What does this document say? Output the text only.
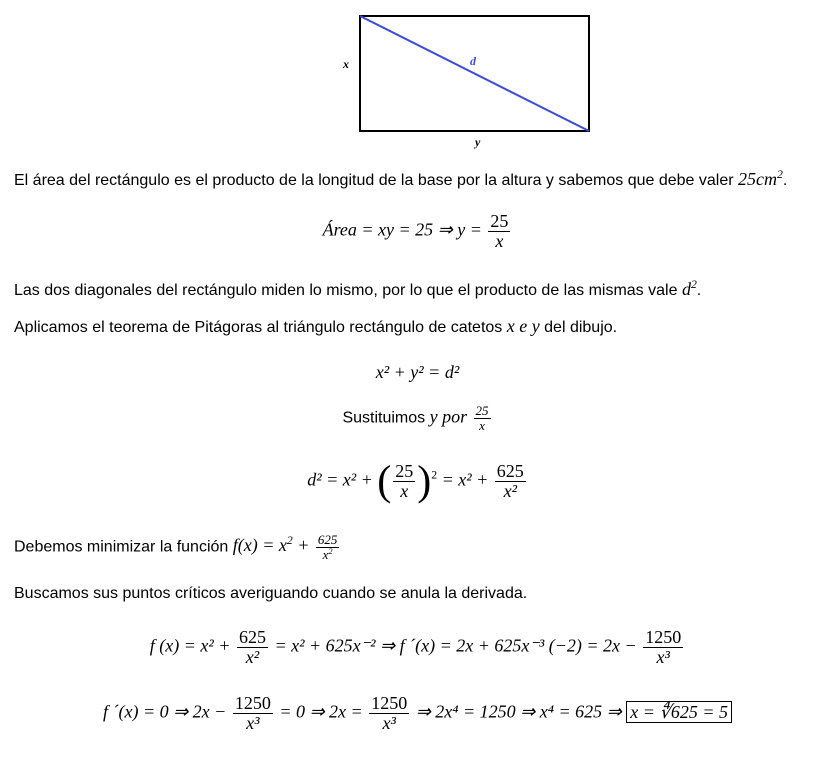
x	d
y
El área del rectángulo es el producto de la longitud de la base por la altura y sabemos que debe valer $25cm^2$.
Área = xy = 25 ⇒ $y = \frac{25}{x}$
Las dos diagonales del rectángulo miden lo mismo, por lo que el producto de las mismas vale $d^2$.
Aplicamos el teorema de Pitágoras al triángulo rectángulo de catetos x e y del dibujo.
x² + y² = d²
Sustituimos y por $\frac{25}{x}$
d² = x² + ( $\frac{25}{x} )^2 = x^2 + \frac{625}{\text{x²}}$
Debemos minimizar la función $f(x) = x^2 + \frac{625}{x^2}$
Buscamos sus puntos críticos averiguando cuando se anula la derivada.
f $(x) = x^2 + \frac{625}{\text{x²}} = x^2 + 625x^{-2}$ ⇒ f ´(x) = 2x + 625x⁻³ $(-2) = 2x - \frac{1250}{\text{x³}}$
f ´(x) = 0 ⇒ $2x - \frac{1250}{\text{x³}} = 0$ ⇒ $2x = \frac{1250}{\text{x³}}$ ⇒ 2x⁴ = 1250 ⇒ x⁴ = 625 ⇒ x = ∜625 = 5
